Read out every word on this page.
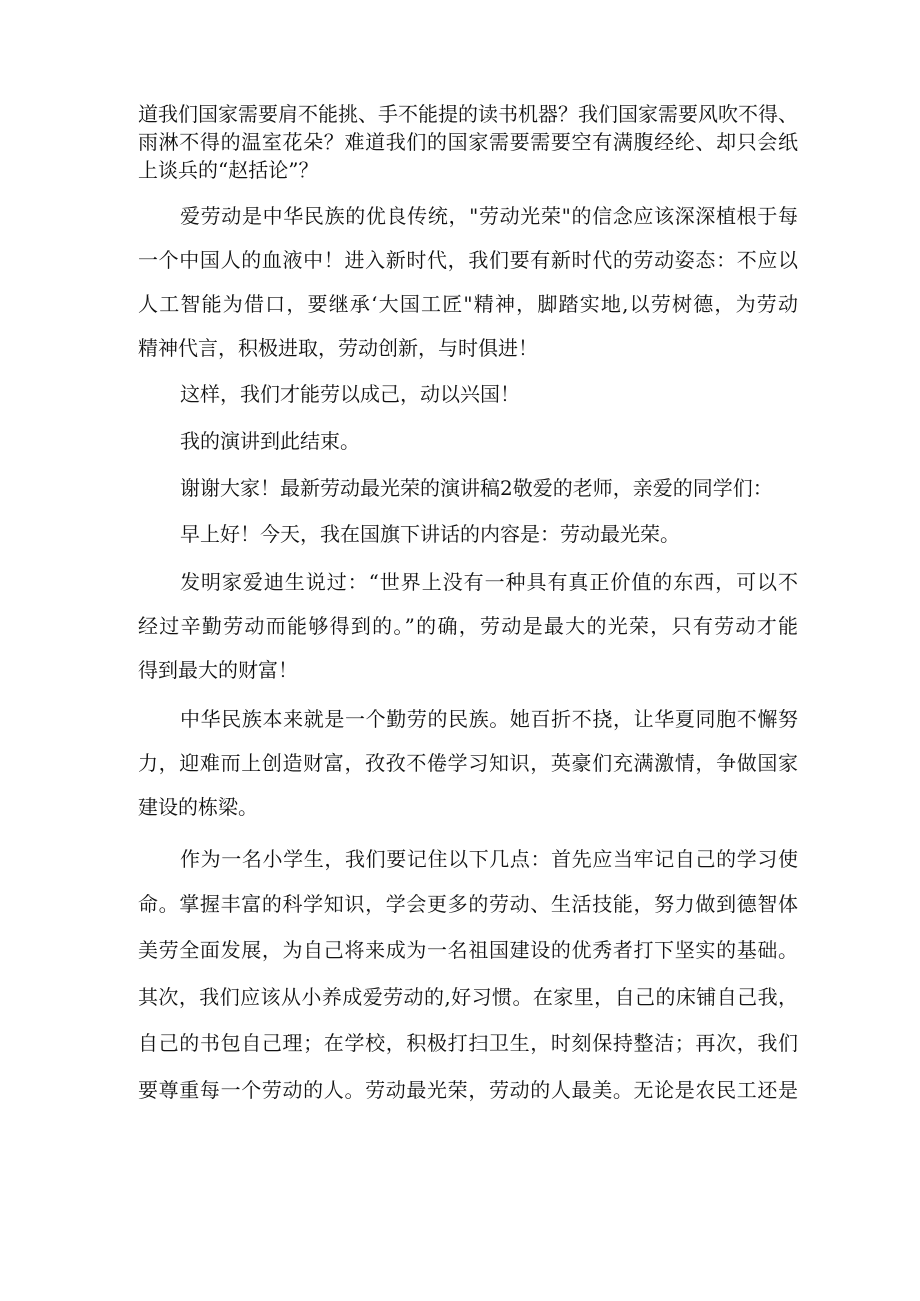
道我们国家需要肩不能挑、手不能提的读书机器？我们国家需要风吹不得、
雨淋不得的温室花朵？难道我们的国家需要需要空有满腹经纶、却只会纸
上谈兵的“赵括论”？
爱劳动是中华民族的优良传统，"劳动光荣"的信念应该深深植根于每
一个中国人的血液中！进入新时代，我们要有新时代的劳动姿态：不应以
人工智能为借口，要继承‘大国工匠"精神，脚踏实地,以劳树德，为劳动
精神代言，积极进取，劳动创新，与时俱进！
这样，我们才能劳以成己，动以兴国！
我的演讲到此结束。
谢谢大家！最新劳动最光荣的演讲稿2敬爱的老师，亲爱的同学们：
早上好！今天，我在国旗下讲话的内容是：劳动最光荣。
发明家爱迪生说过：“世界上没有一种具有真正价值的东西，可以不
经过辛勤劳动而能够得到的。”的确，劳动是最大的光荣，只有劳动才能
得到最大的财富！
中华民族本来就是一个勤劳的民族。她百折不挠，让华夏同胞不懈努
力，迎难而上创造财富，孜孜不倦学习知识，英豪们充满激情，争做国家
建设的栋梁。
作为一名小学生，我们要记住以下几点：首先应当牢记自己的学习使
命。掌握丰富的科学知识，学会更多的劳动、生活技能，努力做到德智体
美劳全面发展，为自己将来成为一名祖国建设的优秀者打下坚实的基础。
其次，我们应该从小养成爱劳动的,好习惯。在家里，自己的床铺自己我，
自己的书包自己理；在学校，积极打扫卫生，时刻保持整洁；再次，我们
要尊重每一个劳动的人。劳动最光荣，劳动的人最美。无论是农民工还是
